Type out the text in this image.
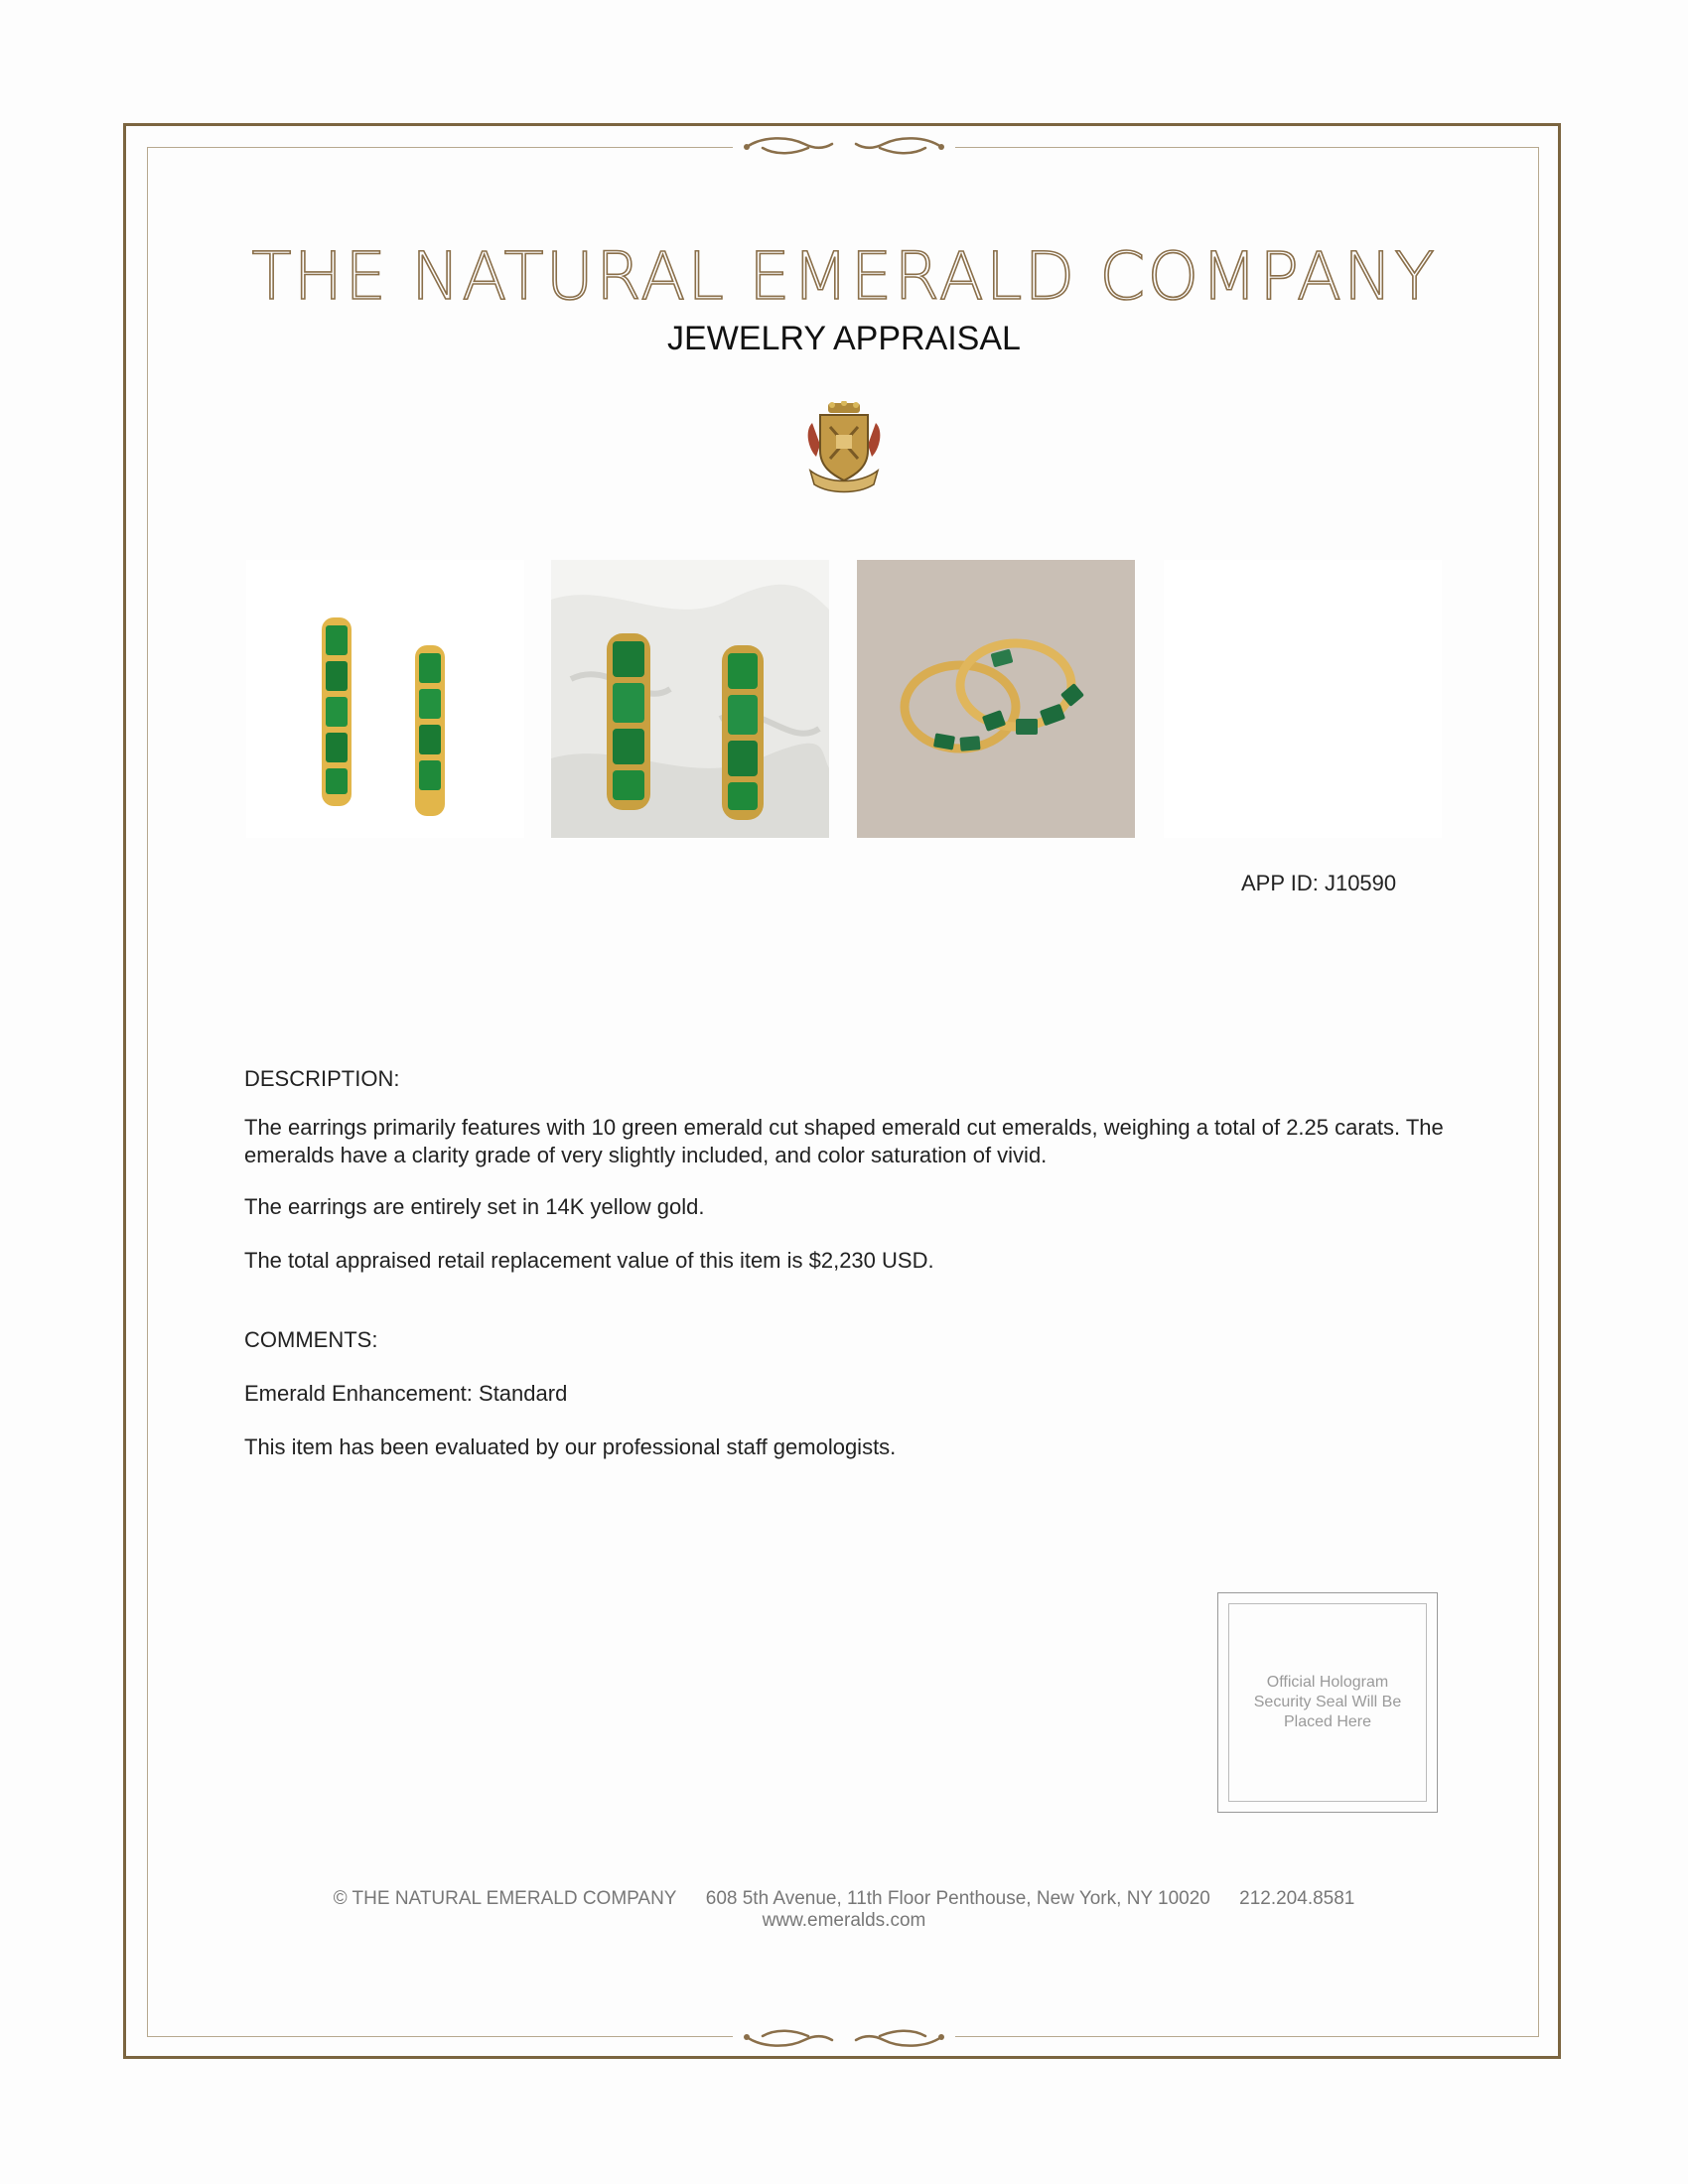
THE NATURAL EMERALD COMPANY
JEWELRY APPRAISAL
APP ID: J10590
DESCRIPTION:
The earrings primarily features with 10 green emerald cut shaped emerald cut emeralds, weighing a total of 2.25 carats. The emeralds have a clarity grade of very slightly included, and color saturation of vivid.
The earrings are entirely set in 14K yellow gold.
The total appraised retail replacement value of this item is $2,230 USD.
COMMENTS:
Emerald Enhancement: Standard
This item has been evaluated by our professional staff gemologists.
Official Hologram Security Seal Will Be Placed Here
© THE NATURAL EMERALD COMPANY 608 5th Avenue, 11th Floor Penthouse, New York, NY 10020 212.204.8581
www.emeralds.com
